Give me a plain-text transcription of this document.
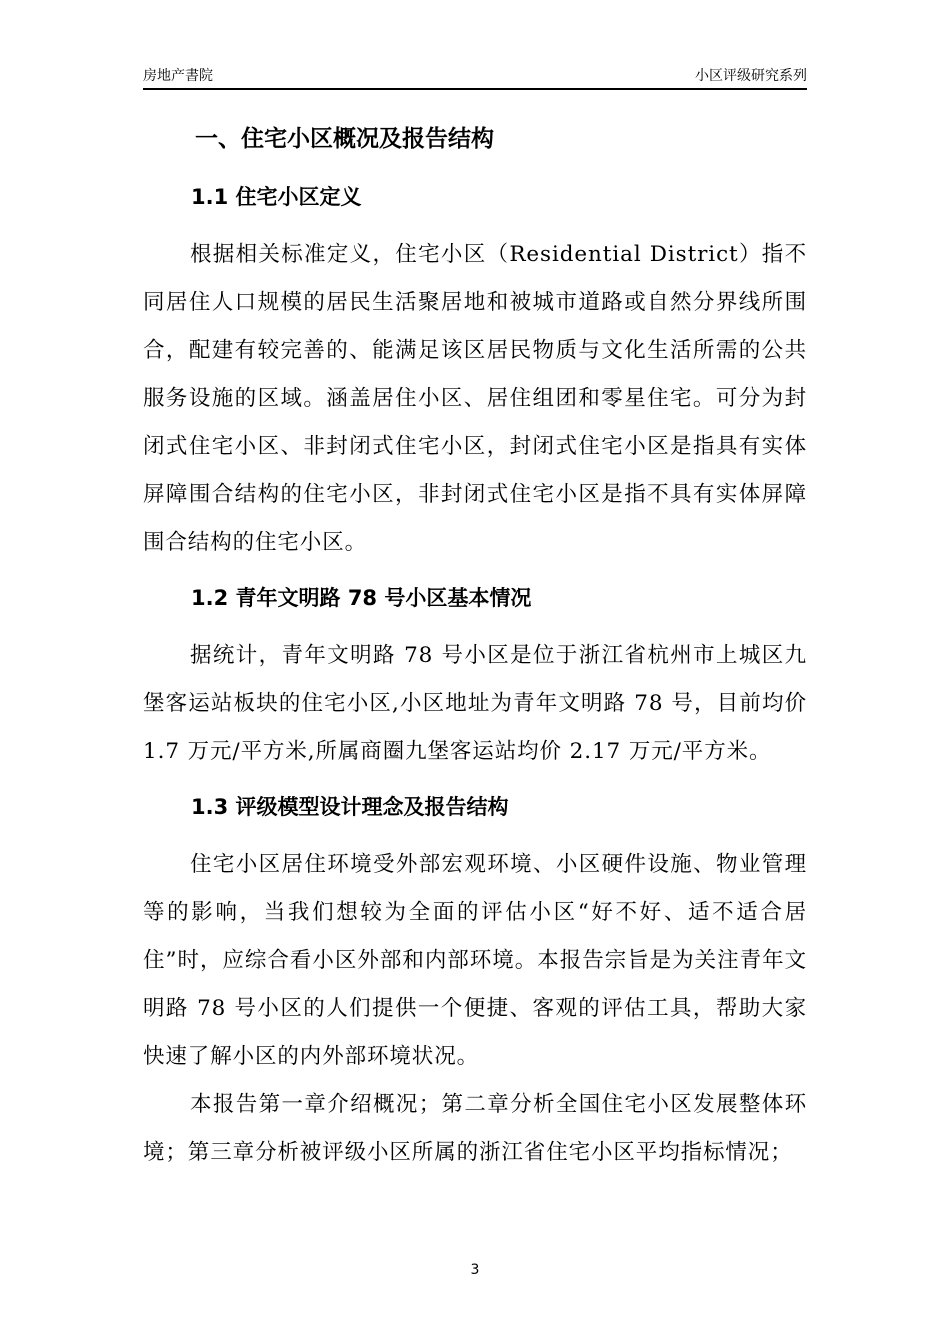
房地产書院	小区评级研究系列
一、住宅小区概况及报告结构
1.1 住宅小区定义

根据相关标准定义，住宅小区（Residential District）指不同居住人口规模的居民生活聚居地和被城市道路或自然分界线所围合，配建有较完善的、能满足该区居民物质与文化生活所需的公共服务设施的区域。涵盖居住小区、居住组团和零星住宅。可分为封闭式住宅小区、非封闭式住宅小区，封闭式住宅小区是指具有实体屏障围合结构的住宅小区，非封闭式住宅小区是指不具有实体屏障围合结构的住宅小区。

1.2 青年文明路 78 号小区基本情况

据统计，青年文明路 78 号小区是位于浙江省杭州市上城区九堡客运站板块的住宅小区,小区地址为青年文明路 78 号，目前均价 1.7 万元/平方米,所属商圈九堡客运站均价 2.17 万元/平方米。

1.3 评级模型设计理念及报告结构

住宅小区居住环境受外部宏观环境、小区硬件设施、物业管理等的影响，当我们想较为全面的评估小区“好不好、适不适合居住”时，应综合看小区外部和内部环境。本报告宗旨是为关注青年文明路 78 号小区的人们提供一个便捷、客观的评估工具，帮助大家快速了解小区的内外部环境状况。

本报告第一章介绍概况；第二章分析全国住宅小区发展整体环境；第三章分析被评级小区所属的浙江省住宅小区平均指标情况；

3
